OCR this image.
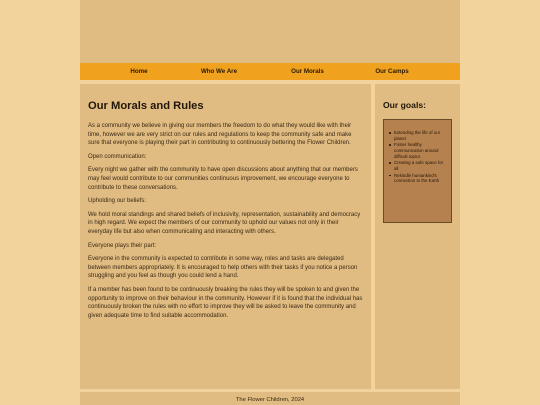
Home	Who We Are	Our Morals	Our Camps
Our Morals and Rules

As a community we believe in giving our members the freedom to do what they would like with their time, however we are very strict on our rules and regulations to keep the community safe and make sure that everyone is playing their part in contributing to continuously bettering the Flower Children.

Open communication:

Every night we gather with the community to have open discussions about anything that our members may feel would contribute to our communities continuous improvement, we encourage everyone to contribute to these conversations.

Upholding our beliefs:

We hold moral standings and shared beliefs of inclusivity, representation, sustainability and democracy in high regard. We expect the members of our community to uphold our values not only in their everyday life but also when communicating and interacting with others.

Everyone plays their part:

Everyone in the community is expected to contribute in some way, roles and tasks are delegated between members appropriately. It is encouraged to help others with their tasks if you notice a person struggling and you feel as though you could lend a hand.

If a member has been found to be continuously breaking the rules they will be spoken to and given the opportunity to improve on their behaviour in the community. However if it is found that the individual has continuously broken the rules with no effort to improve they will be asked to leave the community and given adequate time to find suitable accommodation.

Our goals:
Extending the life of our planet
Foster healthy communication around difficult topics
Creating a safe space for all
Rekindle humankind's connection to the Earth
The Flower Children, 2024
